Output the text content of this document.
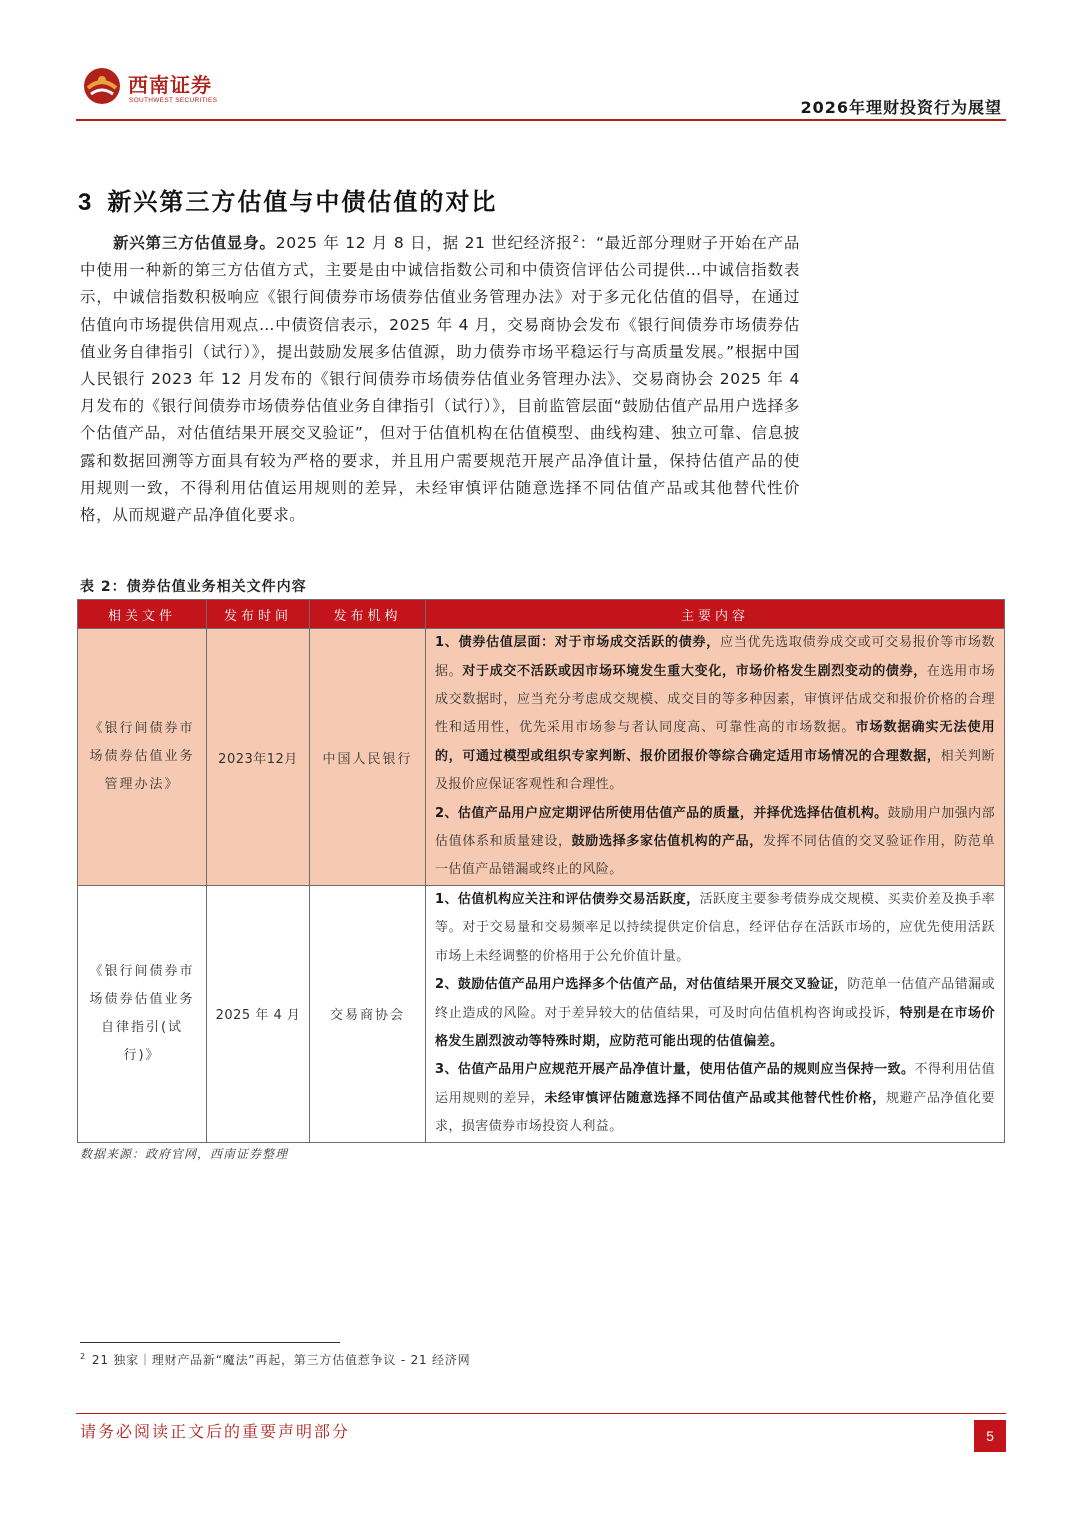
西南证券
SOUTHWEST SECURITIES	2026年理财投资行为展望
3 新兴第三方估值与中债估值的对比
新兴第三方估值显身。2025 年 12 月 8 日，据 21 世纪经济报$^2$：“最近部分理财子开始在产品中使用一种新的第三方估值方式，主要是由中诚信指数公司和中债资信评估公司提供…中诚信指数表示，中诚信指数积极响应《银行间债券市场债券估值业务管理办法》对于多元化估值的倡导，在通过估值向市场提供信用观点…中债资信表示，2025 年 4 月，交易商协会发布《银行间债券市场债券估值业务自律指引（试行）》，提出鼓励发展多估值源，助力债券市场平稳运行与高质量发展。”根据中国人民银行 2023 年 12 月发布的《银行间债券市场债券估值业务管理办法》、交易商协会 2025 年 4 月发布的《银行间债券市场债券估值业务自律指引（试行）》，目前监管层面“鼓励估值产品用户选择多个估值产品，对估值结果开展交叉验证”，但对于估值机构在估值模型、曲线构建、独立可靠、信息披露和数据回溯等方面具有较为严格的要求，并且用户需要规范开展产品净值计量，保持估值产品的使用规则一致，不得利用估值运用规则的差异，未经审慎评估随意选择不同估值产品或其他替代性价格，从而规避产品净值化要求。
表 2：债券估值业务相关文件内容
相关文件	发布时间	发布机构	主要内容
《银行间债券市场债券估值业务管理办法》	2023年12月	中国人民银行	1、债券估值层面：对于市场成交活跃的债券，应当优先选取债券成交或可交易报价等市场数据。对于成交不活跃或因市场环境发生重大变化，市场价格发生剧烈变动的债券，在选用市场成交数据时，应当充分考虑成交规模、成交目的等多种因素，审慎评估成交和报价价格的合理性和适用性，优先采用市场参与者认同度高、可靠性高的市场数据。市场数据确实无法使用的，可通过模型或组织专家判断、报价团报价等综合确定适用市场情况的合理数据，相关判断及报价应保证客观性和合理性。

2、估值产品用户应定期评估所使用估值产品的质量，并择优选择估值机构。鼓励用户加强内部估值体系和质量建设，鼓励选择多家估值机构的产品，发挥不同估值的交叉验证作用，防范单一估值产品错漏或终止的风险。

《银行间债券市场债券估值业务自律指引(试行)》	2025 年 4 月	交易商协会	1、估值机构应关注和评估债券交易活跃度，活跃度主要参考债券成交规模、买卖价差及换手率等。对于交易量和交易频率足以持续提供定价信息，经评估存在活跃市场的，应优先使用活跃市场上未经调整的价格用于公允价值计量。

2、鼓励估值产品用户选择多个估值产品，对估值结果开展交叉验证，防范单一估值产品错漏或终止造成的风险。对于差异较大的估值结果，可及时向估值机构咨询或投诉，特别是在市场价格发生剧烈波动等特殊时期，应防范可能出现的估值偏差。

3、估值产品用户应规范开展产品净值计量，使用估值产品的规则应当保持一致。不得利用估值运用规则的差异，未经审慎评估随意选择不同估值产品或其他替代性价格，规避产品净值化要求，损害债券市场投资人利益。

数据来源：政府官网，西南证券整理
$^2$ 21 独家｜理财产品新“魔法”再起，第三方估值惹争议 - 21 经济网
请务必阅读正文后的重要声明部分	5
